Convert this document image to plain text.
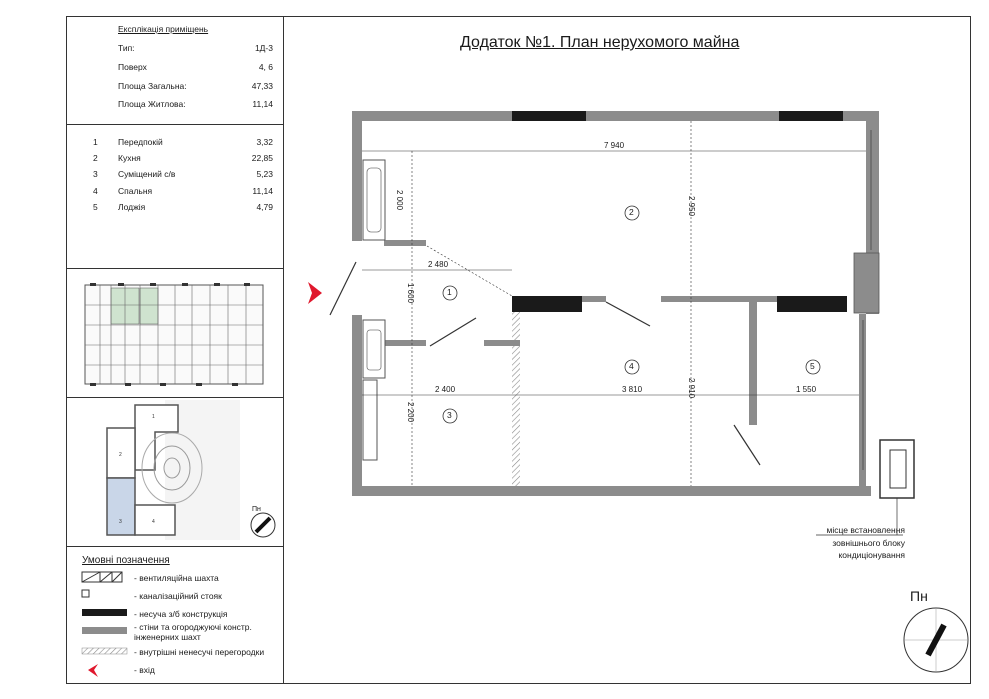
Експлікація приміщень
Тип:	1Д-3
Поверх	4, 6
Площа Загальна:	47,33
Площа Житлова:	11,14
1 Передпокій	3,32
2 Кухня	22,85
3 Суміщений с/в	5,23
4 Спальня	11,14
5 Лоджія	4,79
Умовні позначення
- вентиляційна шахта
- каналізаційний стояк
- несуча з/б конструкція
- стіни та огороджуючі констр. інженерних шахт
- внутрішні ненесучі перегородки
- вхід
Додаток №1. План нерухомого майна
1
2
3	4
1
2
3
4	5
7 940
2 000	2 950
2 480
1 600
2 400	3 810	2 910	1 550
2 200
місце встановлення
зовнішнього блоку
кондиціонування
Пн
Пн
